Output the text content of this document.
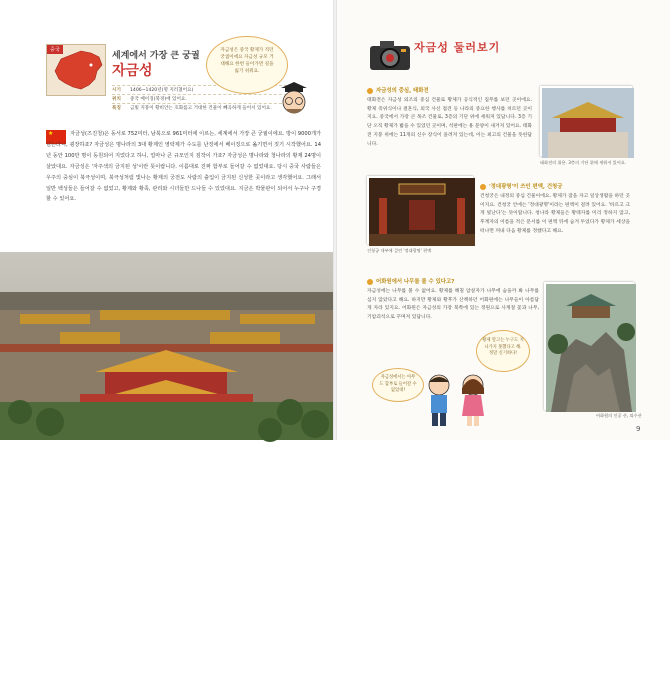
중국
세계에서 가장 큰 궁궐
자금성
시기 1406~1420년(명 지러쳤어요)
위치 중국 베이징(북경)에 있어요.
특징 금빛 지붕이 황비안는 호화롭고 거대한 건물이 빼곡하게 들어서 있어요.
자금성은 중국 황제가 직던 궁궐이에요 자금성 규모 거대해요 한번 들어가면 길을 잃기 쉬워요.
★	자금성(즈진청)은 동서로 752미터, 남북으로 961미터에 이르는, 세계에서 가장 큰 궁궐이에요. 방이 9000개가 넘는다니, 굉장하죠? 자금성은 명나라의 3대 황제인 영락제가 수도를 난징에서 베이징으로 옮기면서 짓기 시작했어요. 14년 동안 100만 명이 동원되어 지었다고 하니, 얼마나 큰 규모인지 짐작이 가죠? 자금성은 명나라와 청나라의 황제 24명이 살았대요. 자금성은 '자주색의 금지된 성'이란 뜻이랍니다. 이름대로 진짜 함부로 들어갈 수 없었대요. 당시 중국 사람들은 우주의 중심이 북극성이며, 북극성처럼 빛나는 황제의 궁전도 사람의 출입이 금지된 신성한 곳이라고 생각했어요. 그래서 일반 백성들은 들어갈 수 없었고, 황제와 황족, 관리와 시녀들만 드나들 수 있었대요. 지금은 박물관이 되어서 누구나 구경할 수 있어요.
자금성 전경. 적의 침입을 막기 위해 해자(물웅덩이)와 높은 성벽으로 둘러싸여 있어요.
8
자금성 둘러보기
자금성의 중심, 태화전
태화전은 자금성 외조의 중심 건물로 황제가 공식적인 집무를 보던 곳이에요. 황제 즉위식이나 결혼식, 외국 사신 접견 등 나라의 중요한 행사를 치르던 곳이지요. 중국에서 가장 큰 목조 건물로, 3층의 기단 위에 세워져 있답니다. 3층 기단 오직 황제가 밟을 수 있었던 곳이며, 석판에는 용 문양이 새겨져 있어요. 태화전 지붕 위에는 11개의 신수 장식이 올려져 있는데, 이는 최고의 건물을 뜻한답니다.
태화전의 위용. 3층의 기단 위에 세워져 있어요.
건청궁 내부에 걸린 '정대광명' 편액
'정대광명'이 쓰인 편액, 건청궁
건청궁은 내정의 중심 건물이에요. 황제가 잠을 자고 일상생활을 하던 곳이지요. 건청궁 안에는 '정대광명'이라는 편액이 걸려 있어요. '바르고 크게 빛난다'는 뜻이랍니다. 청나라 황제들은 황태자를 미리 정하지 않고, 후계자의 이름을 적은 문서를 이 편액 뒤에 숨겨 두었다가 황제가 세상을 떠나면 꺼내 다음 황제를 정했다고 해요.
어화원에서 나무를 볼 수 있다고?
자금성에는 나무를 볼 수 없어요. 황제를 해칠 암살자가 나무에 숨을까 봐 나무를 심지 않았다고 해요. 하지만 황제와 황후가 산책하던 어화원에는 나무들이 아름답게 자라 있지요. 어화원은 자금성의 가장 북쪽에 있는 정원으로 사계절 꽃과 나무, 기암괴석으로 꾸며져 있답니다.
어화원의 인공 산, 퇴수산
자금성에서는 아무도 함부로 들어갈 수 없었대!
황제 말고는 누구도 지나가지 못했다고 해. 정말 신기하다!
9
